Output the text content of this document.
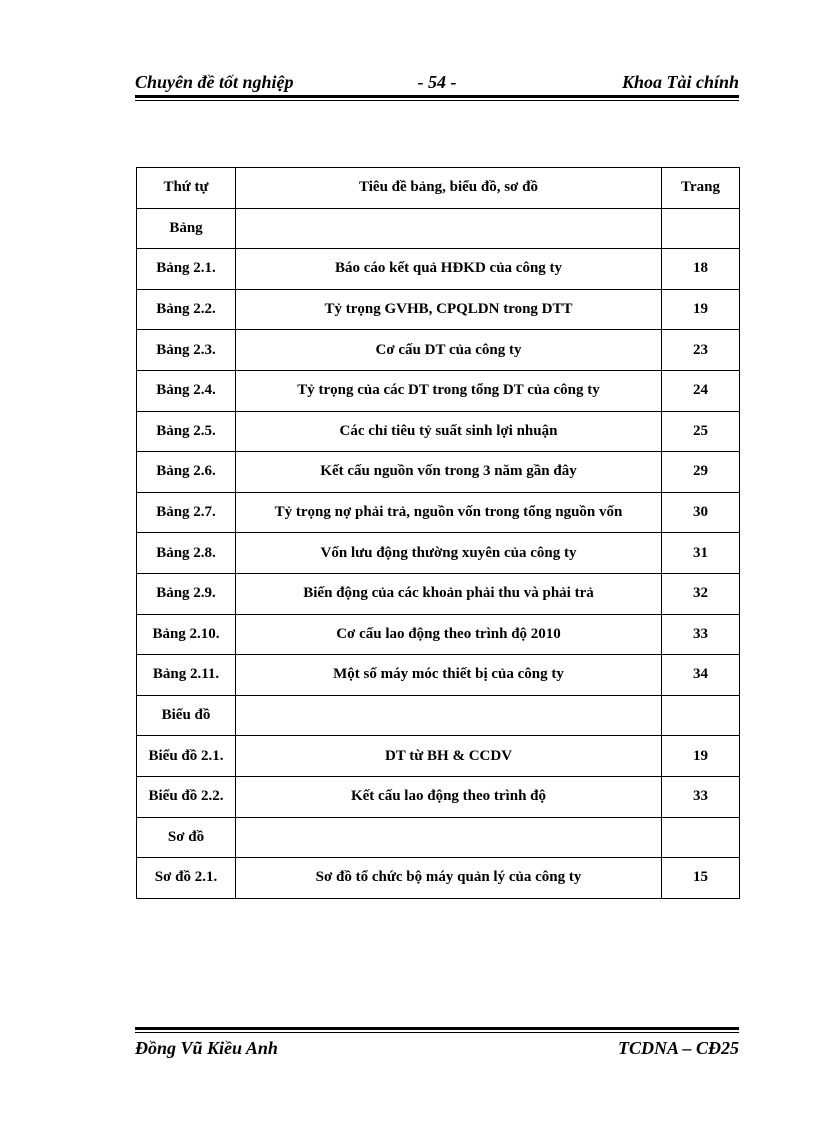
Chuyên đề tốt nghiệp	- 54 -	Khoa Tài chính
Thứ tự	Tiêu đề bảng, biểu đồ, sơ đồ	Trang
Bảng		
Bảng 2.1.	Báo cáo kết quả HĐKD của công ty	18
Bảng 2.2.	Tỷ trọng GVHB, CPQLDN trong DTT	19
Bảng 2.3.	Cơ cấu DT của công ty	23
Bảng 2.4.	Tỷ trọng của các DT trong tổng DT của công ty	24
Bảng 2.5.	Các chỉ tiêu tỷ suất sinh lợi nhuận	25
Bảng 2.6.	Kết cấu nguồn vốn trong 3 năm gần đây	29
Bảng 2.7.	Tỷ trọng nợ phải trả, nguồn vốn trong tổng nguồn vốn	30
Bảng 2.8.	Vốn lưu động thường xuyên của công ty	31
Bảng 2.9.	Biến động của các khoản phải thu và phải trả	32
Bảng 2.10.	Cơ cấu lao động theo trình độ 2010	33
Bảng 2.11.	Một số máy móc thiết bị của công ty	34
Biểu đồ		
Biểu đồ 2.1.	DT từ BH & CCDV	19
Biểu đồ 2.2.	Kết cấu lao động theo trình độ	33
Sơ đồ		
Sơ đồ 2.1.	Sơ đồ tổ chức bộ máy quản lý của công ty	15
Đồng Vũ Kiều Anh	TCDNA – CĐ25
